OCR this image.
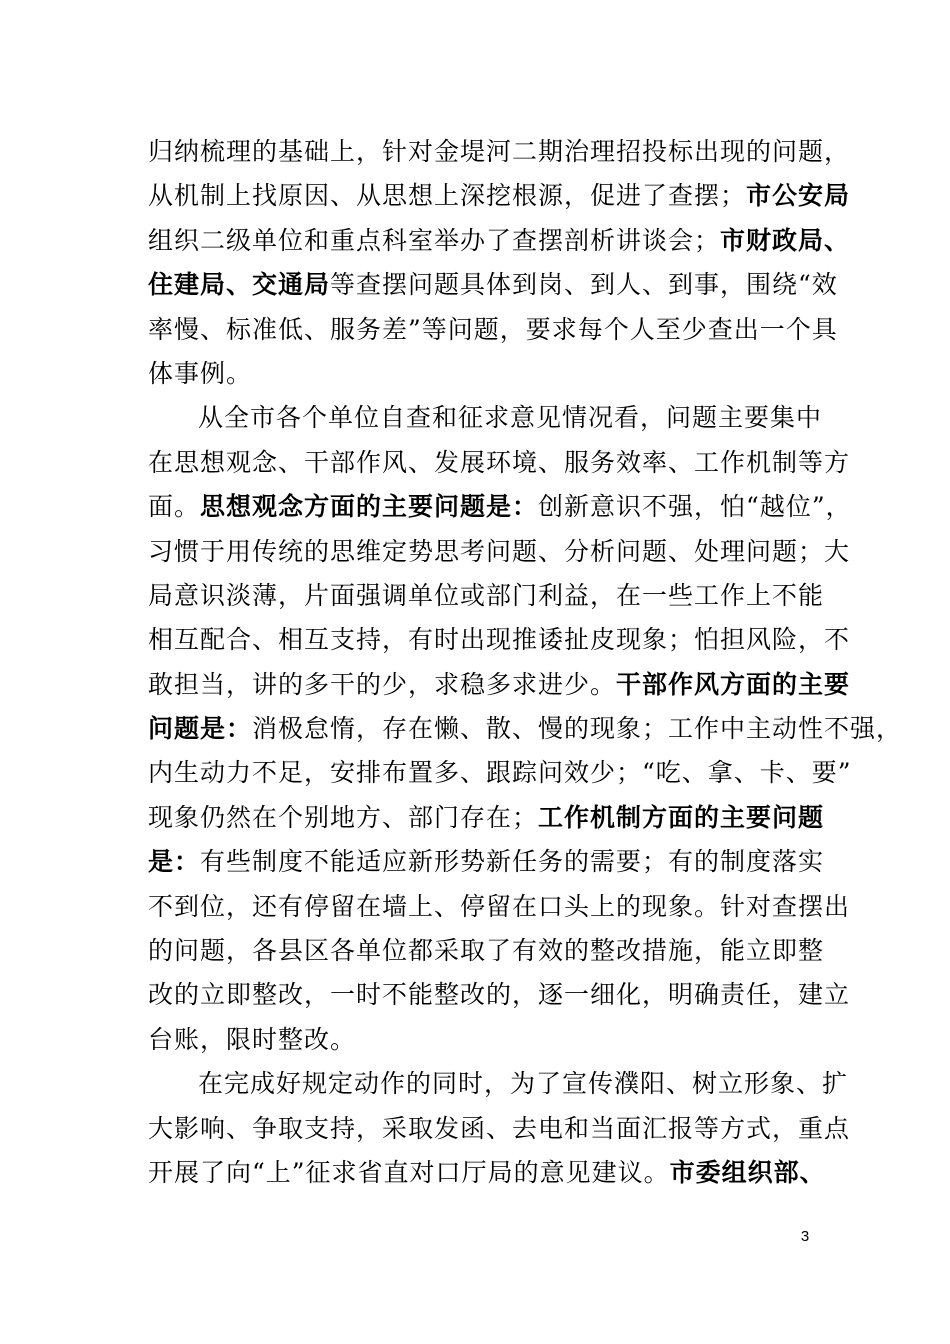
归纳梳理的基础上，针对金堤河二期治理招投标出现的问题，
从机制上找原因、从思想上深挖根源，促进了查摆；市公安局
组织二级单位和重点科室举办了查摆剖析讲谈会；市财政局、
住建局、交通局等查摆问题具体到岗、到人、到事，围绕“效
率慢、标准低、服务差”等问题，要求每个人至少查出一个具
体事例。
从全市各个单位自查和征求意见情况看，问题主要集中
在思想观念、干部作风、发展环境、服务效率、工作机制等方
面。思想观念方面的主要问题是：创新意识不强，怕“越位”，
习惯于用传统的思维定势思考问题、分析问题、处理问题；大
局意识淡薄，片面强调单位或部门利益，在一些工作上不能
相互配合、相互支持，有时出现推诿扯皮现象；怕担风险，不
敢担当，讲的多干的少，求稳多求进少。干部作风方面的主要
问题是：消极怠惰，存在懒、散、慢的现象；工作中主动性不强，
内生动力不足，安排布置多、跟踪问效少；“吃、拿、卡、要”
现象仍然在个别地方、部门存在；工作机制方面的主要问题
是：有些制度不能适应新形势新任务的需要；有的制度落实
不到位，还有停留在墙上、停留在口头上的现象。针对查摆出
的问题，各县区各单位都采取了有效的整改措施，能立即整
改的立即整改，一时不能整改的，逐一细化，明确责任，建立
台账，限时整改。
在完成好规定动作的同时，为了宣传濮阳、树立形象、扩
大影响、争取支持，采取发函、去电和当面汇报等方式，重点
开展了向“上”征求省直对口厅局的意见建议。市委组织部、
3
